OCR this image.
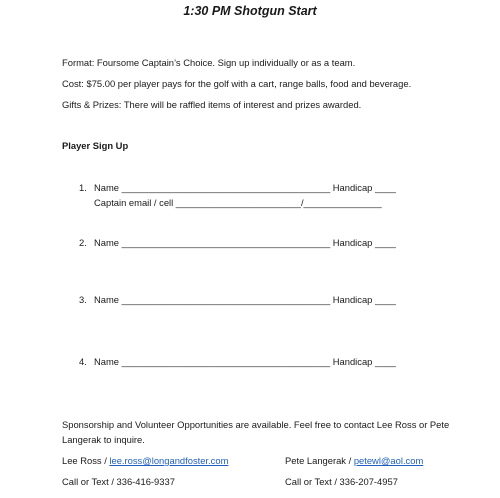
1:30 PM Shotgun Start
Format: Foursome Captain’s Choice. Sign up individually or as a team.
Cost: $75.00 per player pays for the golf with a cart, range balls, food and beverage.
Gifts & Prizes: There will be raffled items of interest and prizes awarded.
Player Sign Up
1. Name ________________________________________ Handicap ____
Captain email / cell ________________________/_______________
2. Name ________________________________________ Handicap ____
3. Name ________________________________________ Handicap ____
4. Name ________________________________________ Handicap ____
Sponsorship and Volunteer Opportunities are available. Feel free to contact Lee Ross or Pete
Langerak to inquire.
Lee Ross / lee.ross@longandfoster.com	Pete Langerak / petewl@aol.com
Call or Text / 336-416-9337	Call or Text / 336-207-4957
